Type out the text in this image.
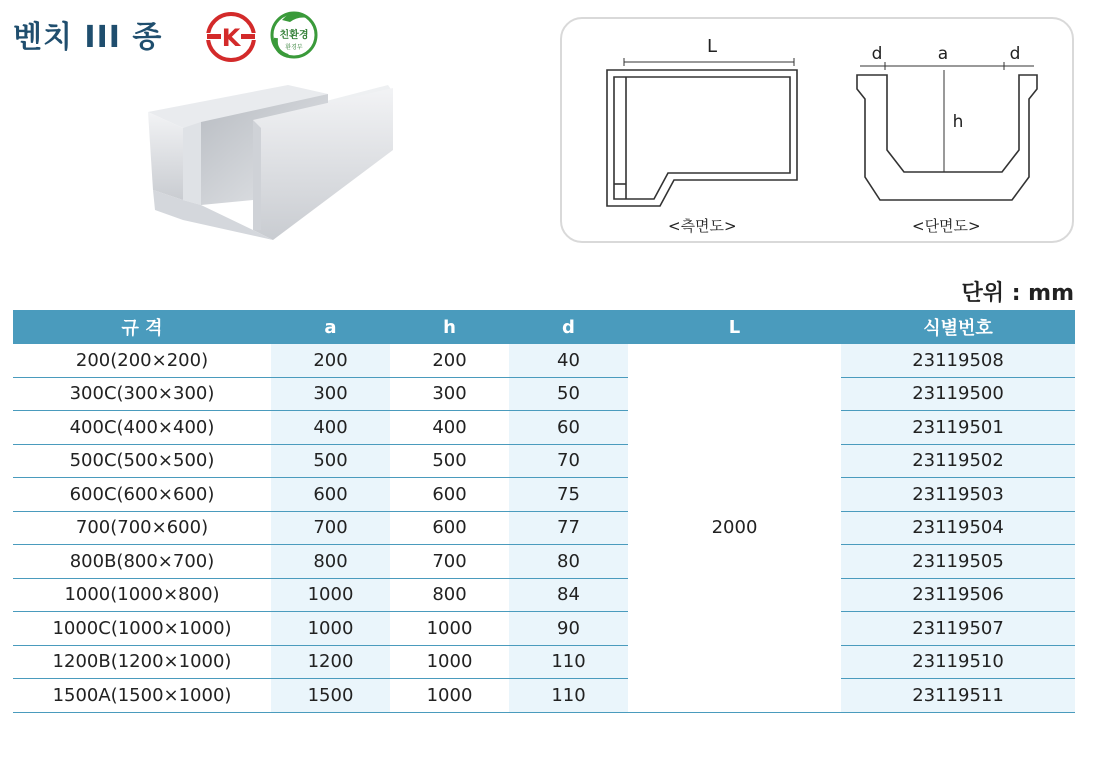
벤치 III 종 K	친환경
환경부	L	d	a	d
h
<측면도>	<단면도>
단위 : mm
규 격	a	h	d	L	식별번호
200(200×200)	200	200	40	2000	23119508
300C(300×300)	300	300	50		23119500
400C(400×400)	400	400	60		23119501
500C(500×500)	500	500	70		23119502
600C(600×600)	600	600	75		23119503
700(700×600)	700	600	77		23119504
800B(800×700)	800	700	80		23119505
1000(1000×800)	1000	800	84		23119506
1000C(1000×1000)	1000	1000	90		23119507
1200B(1200×1000)	1200	1000	110		23119510
1500A(1500×1000)	1500	1000	110		23119511
